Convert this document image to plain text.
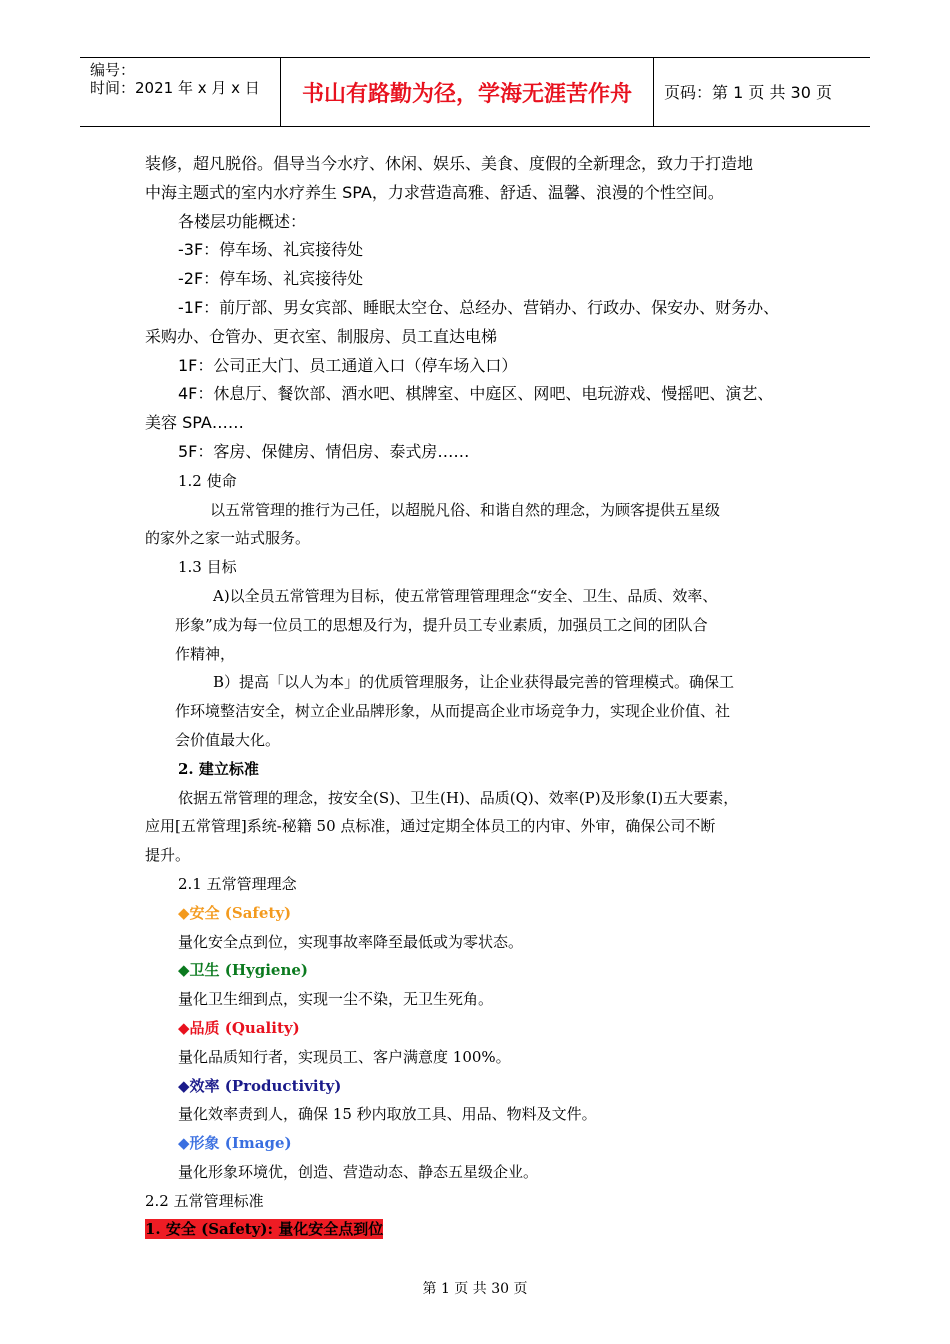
编号：
时间：2021 年 x 月 x 日 书山有路勤为径，学海无涯苦作舟 页码：第 1 页 共 30 页
装修，超凡脱俗。倡导当今水疗、休闲、娱乐、美食、度假的全新理念，致力于打造地
中海主题式的室内水疗养生 SPA，力求营造高雅、舒适、温馨、浪漫的个性空间。
各楼层功能概述：
-3F：停车场、礼宾接待处
-2F：停车场、礼宾接待处
-1F：前厅部、男女宾部、睡眠太空仓、总经办、营销办、行政办、保安办、财务办、
采购办、仓管办、更衣室、制服房、员工直达电梯
1F：公司正大门、员工通道入口（停车场入口）
4F：休息厅、餐饮部、酒水吧、棋牌室、中庭区、网吧、电玩游戏、慢摇吧、演艺、
美容 SPA……
5F：客房、保健房、情侣房、泰式房……
1.2 使命
以五常管理的推行为己任，以超脱凡俗、和谐自然的理念，为顾客提供五星级
的家外之家一站式服务。
1.3 目标
A)以全员五常管理为目标，使五常管理管理理念“安全、卫生、品质、效率、
形象”成为每一位员工的思想及行为，提升员工专业素质，加强员工之间的团队合
作精神，
B）提高「以人为本」的优质管理服务，让企业获得最完善的管理模式。确保工
作环境整洁安全，树立企业品牌形象，从而提高企业市场竞争力，实现企业价值、社
会价值最大化。
2. 建立标准
依据五常管理的理念，按安全(S)、卫生(H)、品质(Q)、效率(P)及形象(I)五大要素，
应用[五常管理]系统-秘籍 50 点标准，通过定期全体员工的内审、外审，确保公司不断
提升。
2.1 五常管理理念
◆安全 (Safety)
量化安全点到位，实现事故率降至最低或为零状态。
◆卫生 (Hygiene)
量化卫生细到点，实现一尘不染，无卫生死角。
◆品质 (Quality)
量化品质知行者，实现员工、客户满意度 100%。
◆效率 (Productivity)
量化效率责到人，确保 15 秒内取放工具、用品、物料及文件。
◆形象 (Image)
量化形象环境优，创造、营造动态、静态五星级企业。
2.2 五常管理标准
1. 安全 (Safety): 量化安全点到位
第 1 页 共 30 页
